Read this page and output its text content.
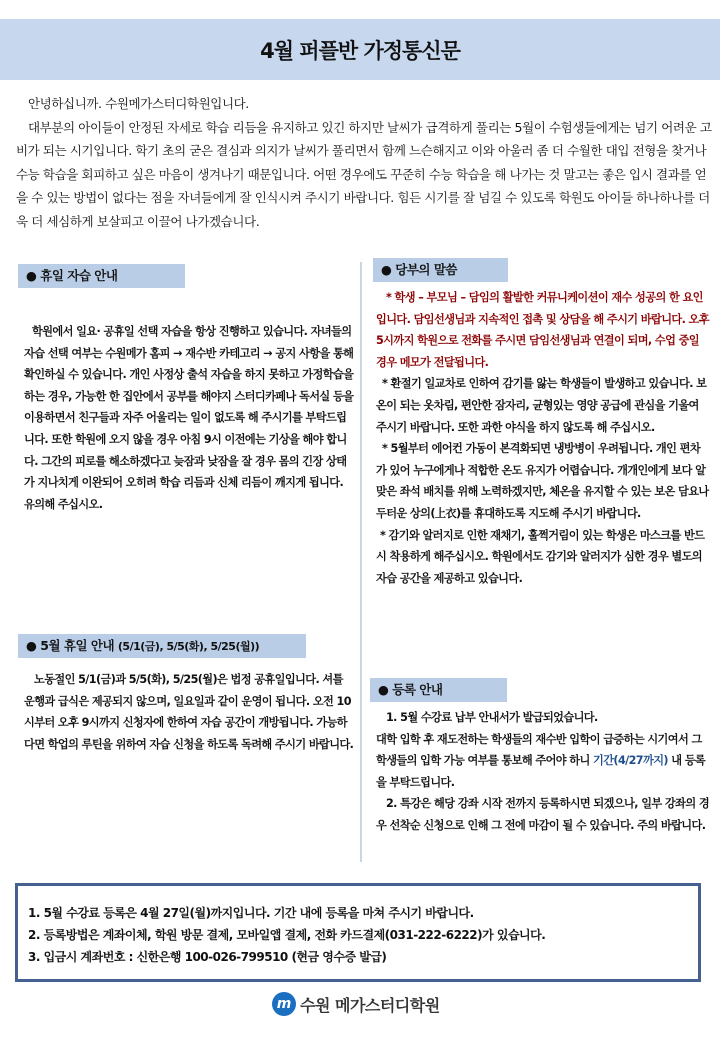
4월 퍼플반 가정통신문

안녕하십니까. 수원메가스터디학원입니다.

대부분의 아이들이 안정된 자세로 학습 리듬을 유지하고 있긴 하지만 날씨가 급격하게 풀리는 5월이 수험생들에게는 넘기 어려운 고비가 되는 시기입니다. 학기 초의 굳은 결심과 의지가 날씨가 풀리면서 함께 느슨해지고 이와 아울러 좀 더 수월한 대입 전형을 찾거나 수능 학습을 회피하고 싶은 마음이 생겨나기 때문입니다. 어떤 경우에도 꾸준히 수능 학습을 해 나가는 것 말고는 좋은 입시 결과를 얻을 수 있는 방법이 없다는 점을 자녀들에게 잘 인식시켜 주시기 바랍니다. 힘든 시기를 잘 넘길 수 있도록 학원도 아이들 하나하나를 더욱 더 세심하게 보살피고 이끌어 나가겠습니다.

● 휴일 자습 안내

학원에서 일요· 공휴일 선택 자습을 항상 진행하고 있습니다. 자녀들의 자습 선택 여부는 수원메가 홈피 → 재수반 카테고리 → 공지 사항을 통해 확인하실 수 있습니다. 개인 사정상 출석 자습을 하지 못하고 가정학습을 하는 경우, 가능한 한 집안에서 공부를 해야지 스터디카페나 독서실 등을 이용하면서 친구들과 자주 어울리는 일이 없도록 해 주시기를 부탁드립니다. 또한 학원에 오지 않을 경우 아침 9시 이전에는 기상을 해야 합니다. 그간의 피로를 해소하겠다고 늦잠과 낮잠을 잘 경우 몸의 긴장 상태가 지나치게 이완되어 오히려 학습 리듬과 신체 리듬이 깨지게 됩니다.

유의해 주십시오.

● 5월 휴일 안내 (5/1(금), 5/5(화), 5/25(월))

노동절인 5/1(금)과 5/5(화), 5/25(월)은 법정 공휴일입니다. 셔틀 운행과 급식은 제공되지 않으며, 일요일과 같이 운영이 됩니다. 오전 10시부터 오후 9시까지 신청자에 한하여 자습 공간이 개방됩니다. 가능하다면 학업의 루틴을 위하여 자습 신청을 하도록 독려해 주시기 바랍니다.

● 당부의 말씀

* 학생 – 부모님 – 담임의 활발한 커뮤니케이션이 재수 성공의 한 요인입니다. 담임선생님과 지속적인 접촉 및 상담을 해 주시기 바랍니다. 오후 5시까지 학원으로 전화를 주시면 담임선생님과 연결이 되며, 수업 중일 경우 메모가 전달됩니다.

* 환절기 일교차로 인하여 감기를 앓는 학생들이 발생하고 있습니다. 보온이 되는 옷차림, 편안한 잠자리, 균형있는 영양 공급에 관심을 기울여 주시기 바랍니다. 또한 과한 야식을 하지 않도록 해 주십시오.

* 5월부터 에어컨 가동이 본격화되면 냉방병이 우려됩니다. 개인 편차가 있어 누구에게나 적합한 온도 유지가 어렵습니다. 개개인에게 보다 알맞은 좌석 배치를 위해 노력하겠지만, 체온을 유지할 수 있는 보온 담요나 두터운 상의(上衣)를 휴대하도록 지도해 주시기 바랍니다.

* 감기와 알러지로 인한 재채기, 훌쩍거림이 있는 학생은 마스크를 반드시 착용하게 해주십시오. 학원에서도 감기와 알러지가 심한 경우 별도의 자습 공간을 제공하고 있습니다.

● 등록 안내

1. 5월 수강료 납부 안내서가 발급되었습니다.

대학 입학 후 재도전하는 학생들의 재수반 입학이 급증하는 시기여서 그 학생들의 입학 가능 여부를 통보해 주어야 하니 기간(4/27까지) 내 등록을 부탁드립니다.

2. 특강은 해당 강좌 시작 전까지 등록하시면 되겠으나, 일부 강좌의 경우 선착순 신청으로 인해 그 전에 마감이 될 수 있습니다. 주의 바랍니다.

1. 5월 수강료 등록은 4월 27일(월)까지입니다. 기간 내에 등록을 마쳐 주시기 바랍니다.

2. 등록방법은 계좌이체, 학원 방문 결제, 모바일앱 결제, 전화 카드결제(031-222-6222)가 있습니다.

3. 입금시 계좌번호 : 신한은행 100-026-799510 (현금 영수증 발급)

m 수원 메가스터디학원
